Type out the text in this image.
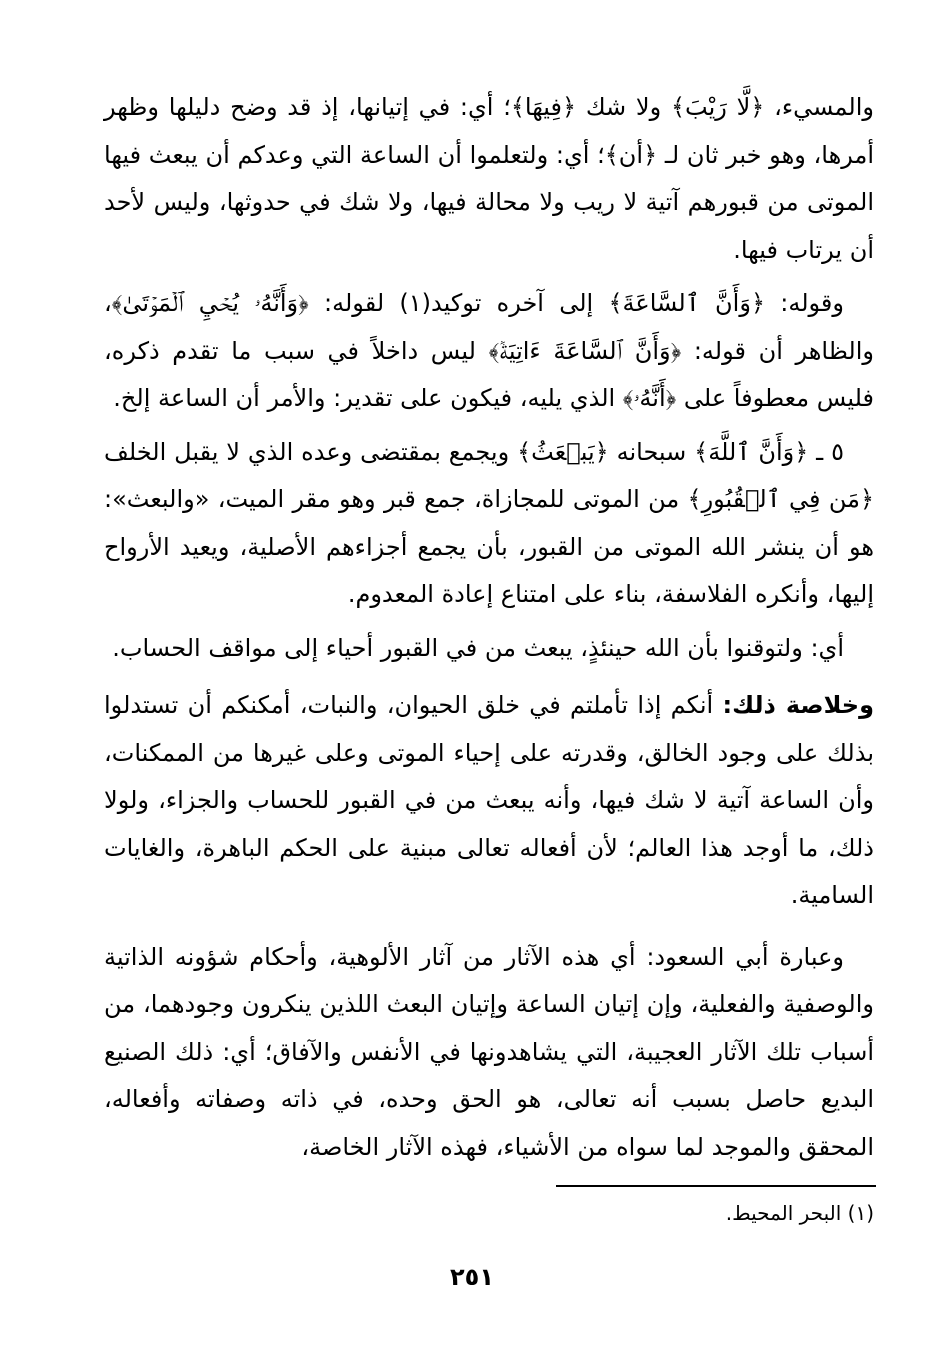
والمسيء، ﴿لَّا رَيْبَ﴾ ولا شك ﴿فِيهَا﴾؛ أي: في إتيانها، إذ قد وضح دليلها وظهر أمرها، وهو خبر ثان لـ ﴿أن﴾؛ أي: ولتعلموا أن الساعة التي وعدكم أن يبعث فيها الموتى من قبورهم آتية لا ريب ولا محالة فيها، ولا شك في حدوثها، وليس لأحد أن يرتاب فيها.

وقوله: ﴿وَأَنَّ ٱلسَّاعَةَ﴾ إلى آخره توكيد(١) لقوله: ﴿وَأَنَّهُۥ يُحۡيِ ٱلۡمَوۡتَىٰ﴾، والظاهر أن قوله: ﴿وَأَنَّ ٱلسَّاعَةَ ءَاتِيَةٞ﴾ ليس داخلاً في سبب ما تقدم ذكره، فليس معطوفاً على ﴿أَنَّهُۥ﴾ الذي يليه، فيكون على تقدير: والأمر أن الساعة إلخ.

٥ ـ ﴿وَأَنَّ ٱللَّهَ﴾ سبحانه ﴿يَبۡعَثُ﴾ ويجمع بمقتضى وعده الذي لا يقبل الخلف ﴿مَن فِي ٱلۡقُبُورِ﴾ من الموتى للمجازاة، جمع قبر وهو مقر الميت، «والبعث»: هو أن ينشر الله الموتى من القبور، بأن يجمع أجزاءهم الأصلية، ويعيد الأرواح إليها، وأنكره الفلاسفة، بناء على امتناع إعادة المعدوم.

أي: ولتوقنوا بأن الله حينئذٍ، يبعث من في القبور أحياء إلى مواقف الحساب.

وخلاصة ذلك: أنكم إذا تأملتم في خلق الحيوان، والنبات، أمكنكم أن تستدلوا بذلك على وجود الخالق، وقدرته على إحياء الموتى وعلى غيرها من الممكنات، وأن الساعة آتية لا شك فيها، وأنه يبعث من في القبور للحساب والجزاء، ولولا ذلك، ما أوجد هذا العالم؛ لأن أفعاله تعالى مبنية على الحكم الباهرة، والغايات السامية.

وعبارة أبي السعود: أي هذه الآثار من آثار الألوهية، وأحكام شؤونه الذاتية والوصفية والفعلية، وإن إتيان الساعة وإتيان البعث اللذين ينكرون وجودهما، من أسباب تلك الآثار العجيبة، التي يشاهدونها في الأنفس والآفاق؛ أي: ذلك الصنيع البديع حاصل بسبب أنه تعالى، هو الحق وحده، في ذاته وصفاته وأفعاله، المحقق والموجد لما سواه من الأشياء، فهذه الآثار الخاصة،

(١) البحر المحيط.
٢٥١
